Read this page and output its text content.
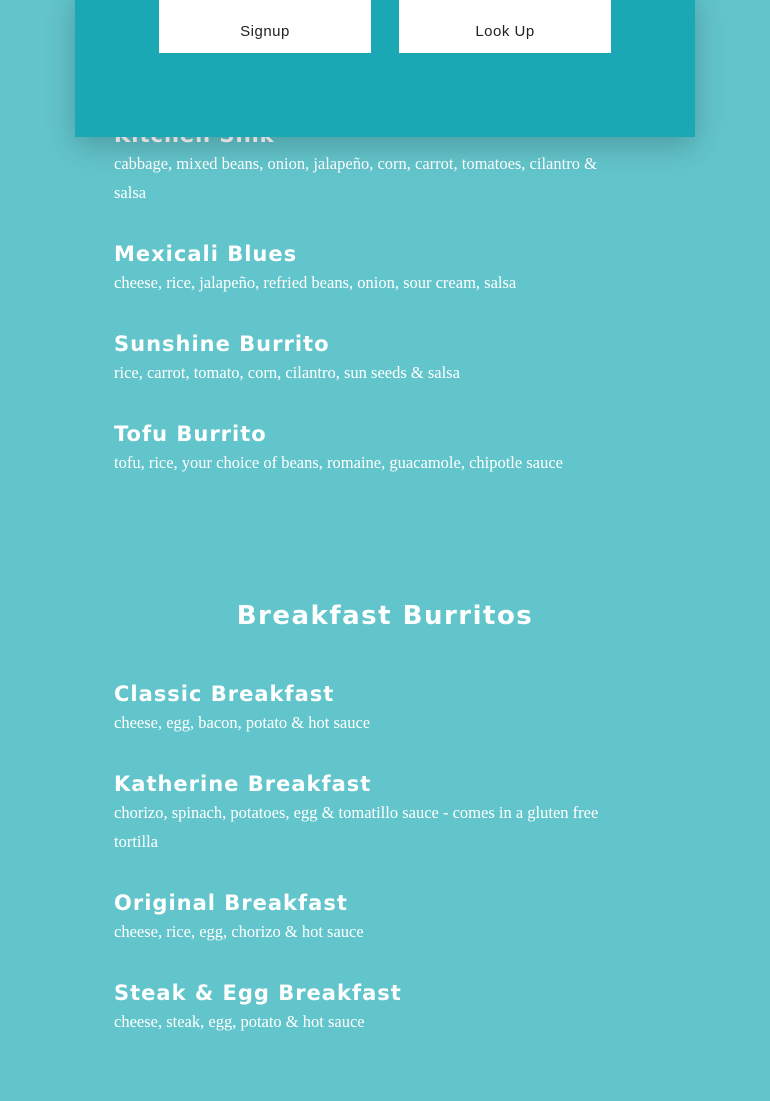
Signup	Look Up
cabbage, mixed beans, onion, jalapeño, corn, carrot, tomatoes, cilantro & salsa
Mexicali Blues
cheese, rice, jalapeño, refried beans, onion, sour cream, salsa
Sunshine Burrito
rice, carrot, tomato, corn, cilantro, sun seeds & salsa
Tofu Burrito
tofu, rice, your choice of beans, romaine, guacamole, chipotle sauce
Breakfast Burritos
Classic Breakfast
cheese, egg, bacon, potato & hot sauce
Katherine Breakfast
chorizo, spinach, potatoes, egg & tomatillo sauce - comes in a gluten free tortilla
Original Breakfast
cheese, rice, egg, chorizo & hot sauce
Steak & Egg Breakfast
cheese, steak, egg, potato & hot sauce
